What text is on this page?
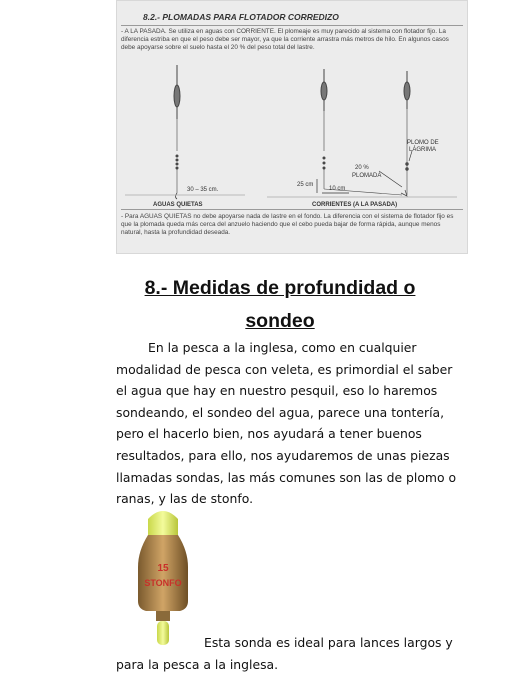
8.2.- PLOMADAS PARA FLOTADOR CORREDIZO
- A LA PASADA. Se utiliza en aguas con CORRIENTE. El plomeaje es muy parecido al sistema con flotador fijo. La diferencia estriba en que el peso debe ser mayor, ya que la corriente arrastra más metros de hilo. En algunos casos debe apoyarse sobre el suelo hasta el 20 % del peso total del lastre.
30 – 35 cm.
25 cm
10 cm
20 %
PLOMADA
PLOMO DE
LÁGRIMA
AGUAS QUIETAS	CORRIENTES (A LA PASADA)
- Para AGUAS QUIETAS no debe apoyarse nada de lastre en el fondo. La diferencia con el sistema de flotador fijo es que la plomada queda más cerca del anzuelo haciendo que el cebo pueda bajar de forma rápida, aunque menos natural, hasta la profundidad deseada.
8.- Medidas de profundidad o
sondeo
En la pesca a la inglesa, como en cualquier modalidad de pesca con veleta, es primordial el saber el agua que hay en nuestro pesquil, eso lo haremos sondeando, el sondeo del agua, parece una tontería, pero el hacerlo bien, nos ayudará a tener buenos resultados, para ello, nos ayudaremos de unas piezas llamadas sondas, las más comunes son las de plomo o ranas, y las de stonfo.
15
STONFO
Esta sonda es ideal para lances largos y para la pesca a la inglesa.
